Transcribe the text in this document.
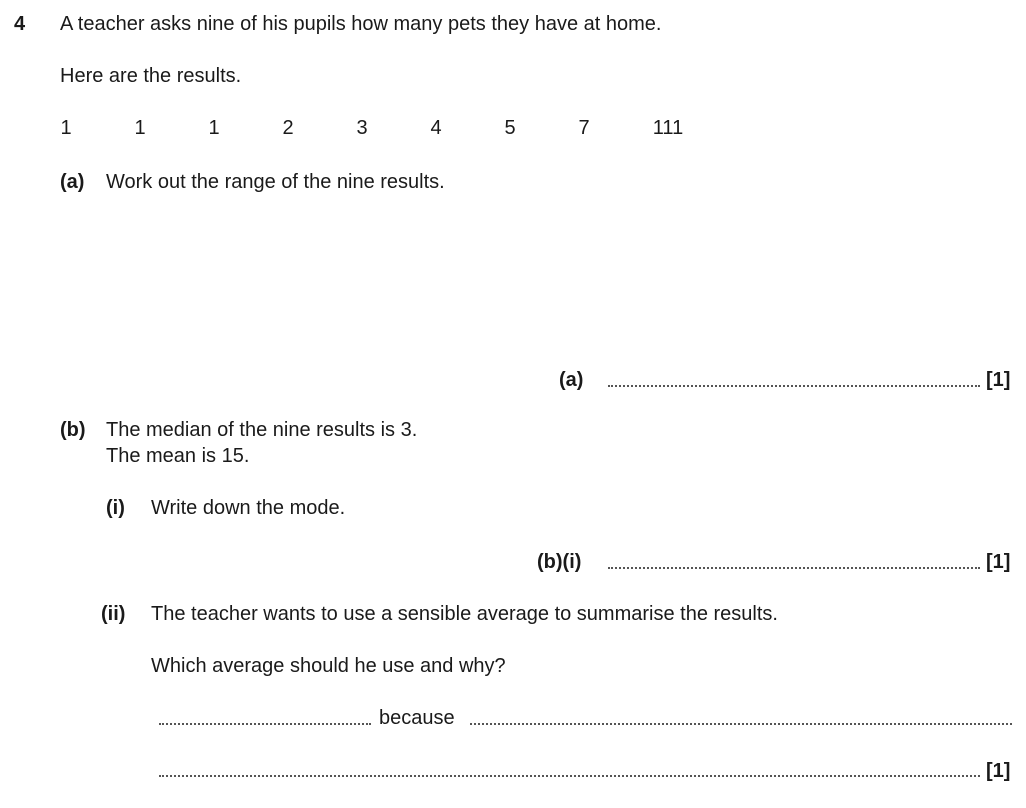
4 A teacher asks nine of his pupils how many pets they have at home.
Here are the results.
1	1	1	2	3	4	5	7	111
(a) Work out the range of the nine results.
(a)	[1]
(b) The median of the nine results is 3.
The mean is 15.
(i) Write down the mode.
(b)(i)	[1]
(ii) The teacher wants to use a sensible average to summarise the results.
Which average should he use and why?
because
[1]
